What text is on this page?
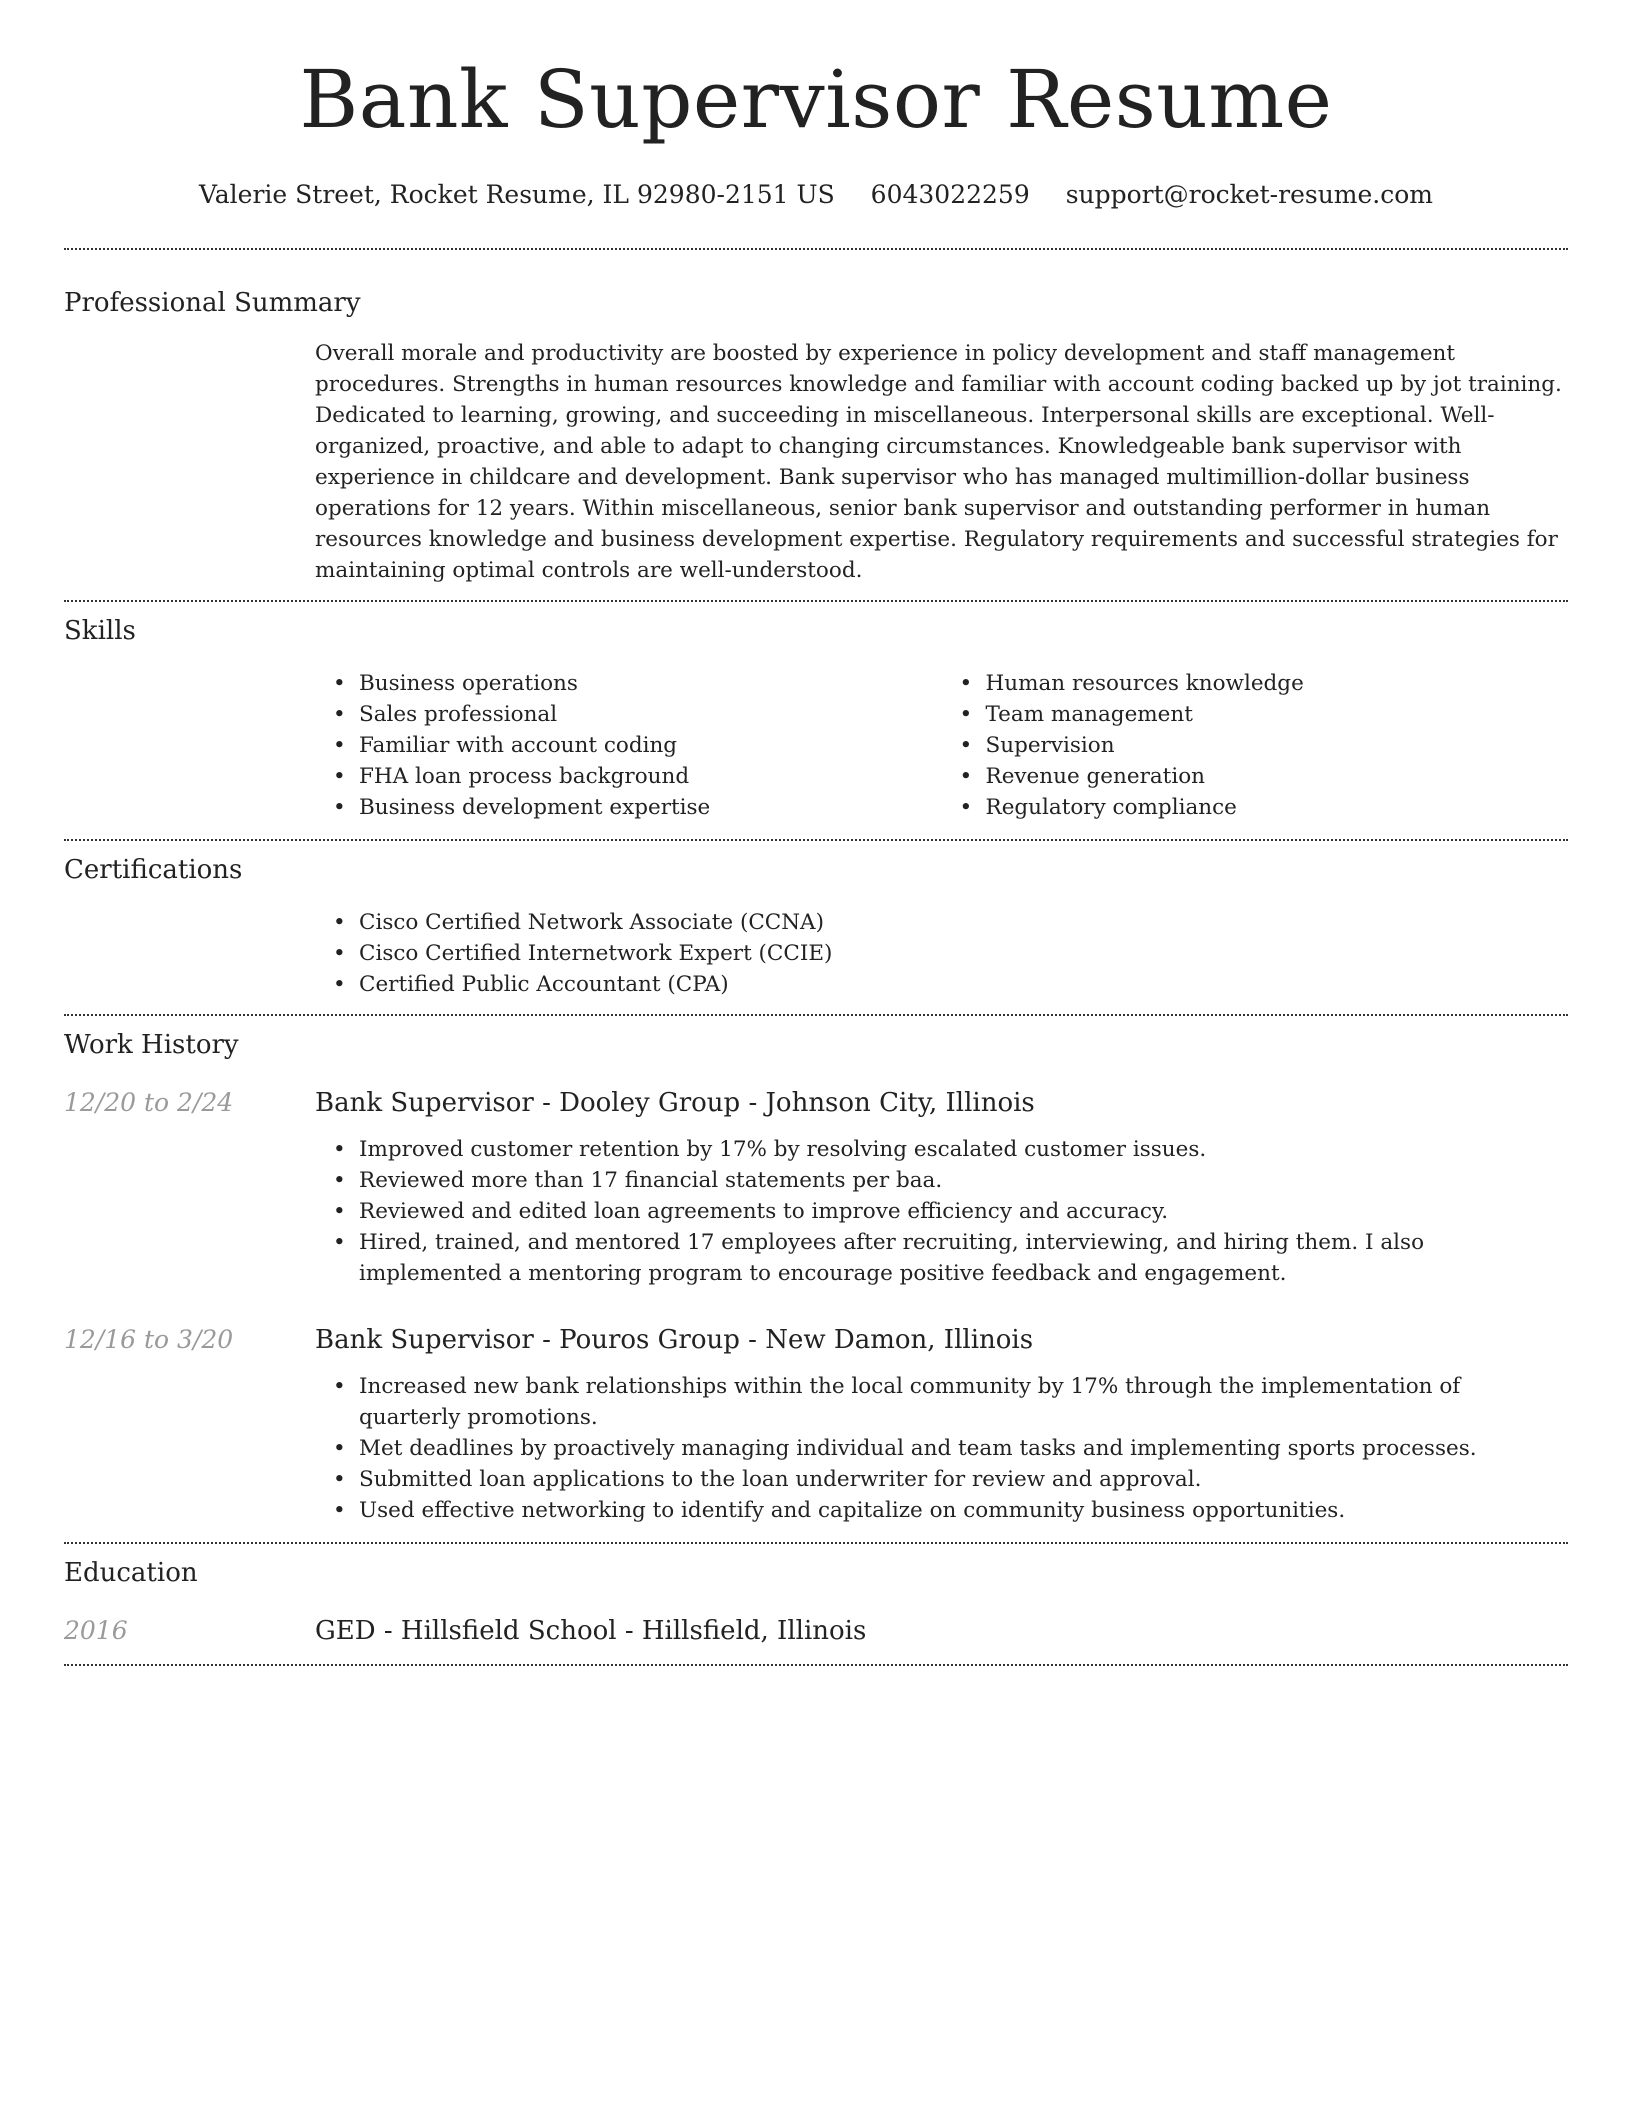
Bank Supervisor Resume
Valerie Street, Rocket Resume, IL 92980-2151 US 6043022259 support@rocket-resume.com
Professional Summary

Overall morale and productivity are boosted by experience in policy development and staff management procedures. Strengths in human resources knowledge and familiar with account coding backed up by jot training. Dedicated to learning, growing, and succeeding in miscellaneous. Interpersonal skills are exceptional. Well-organized, proactive, and able to adapt to changing circumstances. Knowledgeable bank supervisor with experience in childcare and development. Bank supervisor who has managed multimillion-dollar business operations for 12 years. Within miscellaneous, senior bank supervisor and outstanding performer in human resources knowledge and business development expertise. Regulatory requirements and successful strategies for maintaining optimal controls are well-understood.

Skills
• Business operations
• Sales professional
• Familiar with account coding
• FHA loan process background
• Business development expertise
• Human resources knowledge
• Team management
• Supervision
• Revenue generation
• Regulatory compliance
Certifications
• Cisco Certified Network Associate (CCNA)
• Cisco Certified Internetwork Expert (CCIE)
• Certified Public Accountant (CPA)
Work History
12/20 to 2/24	Bank Supervisor - Dooley Group - Johnson City, Illinois
• Improved customer retention by 17% by resolving escalated customer issues.
• Reviewed more than 17 financial statements per baa.
• Reviewed and edited loan agreements to improve efficiency and accuracy.
• Hired, trained, and mentored 17 employees after recruiting, interviewing, and hiring them. I also implemented a mentoring program to encourage positive feedback and engagement.
12/16 to 3/20	Bank Supervisor - Pouros Group - New Damon, Illinois
• Increased new bank relationships within the local community by 17% through the implementation of quarterly promotions.
• Met deadlines by proactively managing individual and team tasks and implementing sports processes.
• Submitted loan applications to the loan underwriter for review and approval.
• Used effective networking to identify and capitalize on community business opportunities.
Education
2016	GED - Hillsfield School - Hillsfield, Illinois
